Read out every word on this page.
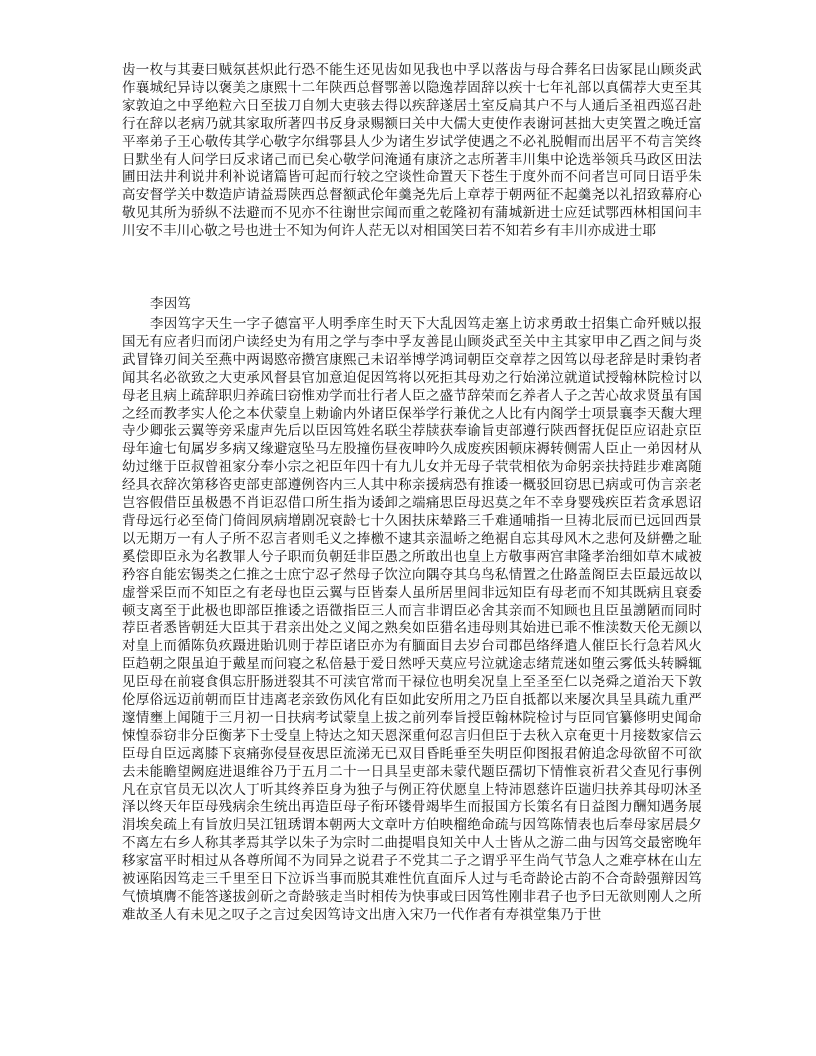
齿一枚与其妻曰贼氛甚炽此行恐不能生还见齿如见我也中孚以落齿与母合葬名曰齿冢昆山顾炎武作襄城纪异诗以褒美之康熙十二年陕西总督鄂善以隐逸荐固辞以疾十七年礼部以真儒荐大吏至其家敦迫之中孚绝粒六日至拔刀自刎大吏骇去得以疾辞遂居土室反扃其户不与人通后圣祖西巡召赴行在辞以老病乃就其家取所著四书反身录赐额曰关中大儒大吏使作表谢诃甚拙大吏笑置之晚迁富平率弟子王心敬传其学心敬字尔缉鄠县人少为诸生岁试学使遇之不必礼脱帽而出居平不苟言笑终日默坐有人问学曰反求诸己而已矣心敬学问淹通有康济之志所著丰川集中论选举领兵马政区田法圃田法井利说井利补说诸篇皆可起而行较之空谈性命置天下苍生于度外而不问者岂可同日语乎朱高安督学关中数造庐请益焉陕西总督额武伦年羹尧先后上章荐于朝两征不起羹尧以礼招致幕府心敬见其所为骄纵不法避而不见亦不往谢世宗闻而重之乾隆初有蒲城新进士应廷试鄂西林相国问丰川安不丰川心敬之号也进士不知为何许人茫无以对相国笑曰若不知若乡有丰川亦成进士耶
李因笃
李因笃字天生一字子德富平人明季庠生时天下大乱因笃走塞上访求勇敢士招集亡命歼贼以报国无有应者归而闭户读经史为有用之学与李中孚友善昆山顾炎武至关中主其家甲申乙酉之间与炎武冒锋刃间关至燕中两谒愍帝攒宫康熙己未诏举博学鸿词朝臣交章荐之因笃以母老辞是时秉钧者闻其名必欲致之大吏承风督县官加意迫促因笃将以死拒其母劝之行始涕泣就道试授翰林院检讨以母老且病上疏辞职归养疏曰窃惟劝学而壮行者人臣之盛节辞荣而乞养者人子之苦心故求贤虽有国之经而教孝实人伦之本伏蒙皇上勅谕内外诸臣保举学行兼优之人比有内阁学士项景襄李天馥大理寺少卿张云翼等旁采虚声先后以臣因笃姓名联尘荐牍获奉谕旨吏部遵行陕西督抚促臣应诏赴京臣母年逾七旬属岁多病又缘避寇坠马左股撞伤昼夜呻吟久成废疾困顿床褥转侧需人臣止一弟因材从幼过继于臣叔曾祖家分奉小宗之祀臣年四十有九儿女并无母子茕茕相依为命躬亲扶持跬步难离随经具衣辞次第移咨吏部吏部遵例咨内三人其中称亲援病恐有推诿一概驳回窃思已病或可伪言亲老岂容假借臣虽极愚不肖讵忍借口所生指为诿卸之端痛思臣母迟莫之年不幸身婴残疾臣若贪承恩诏背母远行必至倚门倚闾夙病增剧况衰龄七十久困扶床辇路三千难通哺指一旦祷北辰而已远回西景以无期万一有人子所不忍言者则毛义之捧檄不逮其亲温峤之绝裾自忘其母风木之悲何及絣罍之耻奚偿即臣永为名教罪人兮子职而负朝廷非臣愚之所敢出也皇上方敬事两宫聿隆孝治细如草木咸被矜容自能宏锡类之仁推之士庶宁忍孑然母子饮泣向隅夺其乌鸟私情置之仕路盖阁臣去臣最远故以虚誉采臣而不知臣之有老母也臣云翼与臣皆秦人虽所居里闾非远知臣有母老而不知其既病且衰委顿支离至于此极也即部臣推诿之语㣲指臣三人而言非谓臣必舍其亲而不知顾也且臣虽謭陋而同时荐臣者悉皆朝廷大臣其于君亲出处之义闻之熟矣如臣猎名违母则其始进已乖不惟渎数天伦无颜以对皇上而循陈负疚蹑进貽讥则于荐臣诸臣亦为有腼面目去岁台司郡邑络绎遣人催臣长行急若风火臣趋朝之限虽迫于戴星而问寝之私倍悬于爱日然呼天莫应号泣就途志绪荒迷如堕云雾低头转瞬辄见臣母在前寝食俱忘肝肠迸裂其不可渎官常而干禄位也明矣况皇上至圣至仁以尧舜之道治天下敦伦厚俗远迈前朝而臣甘违离老亲致伤风化有臣如此安所用之乃臣自抵都以来屡次具呈具疏九重严邃情壅上闻随于三月初一日扶病考试蒙皇上拔之前列奉旨授臣翰林院检讨与臣同官纂修明史闻命悚惶忝窃非分臣衡茅下士受皇上特达之知天恩深重何忍言归但臣于去秋入京奄更十月接数家信云臣母自臣远离膝下哀痛弥侵昼夜思臣流涕无已双目昏眊垂至失明臣仰图报君俯追念母欲留不可欲去未能瞻望阙庭进退维谷乃于五月二十一日具呈吏部未蒙代题臣孺切下情惟哀祈君父查见行事例凡在京官员无以次人丁听其终养臣身为独子与例正符伏愿皇上特沛恩慈许臣遄归扶养其母叨沐圣泽以终天年臣母残病余生统出再造臣母子衔环镂骨竭毕生而报国方长策名有日益图力酬知遇务展涓埃矣疏上有旨放归吴江钮琇谓本朝两大文章叶方伯映榴绝命疏与因笃陈情表也后奉母家居晨夕不离左右乡人称其孝焉其学以朱子为宗时二曲提唱良知关中人士皆从之游二曲与因笃交最密晚年移家富平时相过从各尊所闻不为同异之说君子不党其二子之谓乎平生尚气节急人之难亭林在山左被诬陷因笃走三千里至日下泣诉当事而脱其难性伉直面斥人过与毛奇龄论古韵不合奇龄强辩因笃气愤填膺不能答遂拔剑斫之奇龄骇走当时相传为快事或曰因笃性刚非君子也予曰无欲则刚人之所难故圣人有未见之叹子之言过矣因笃诗文出唐入宋乃一代作者有寿祺堂集乃于世
